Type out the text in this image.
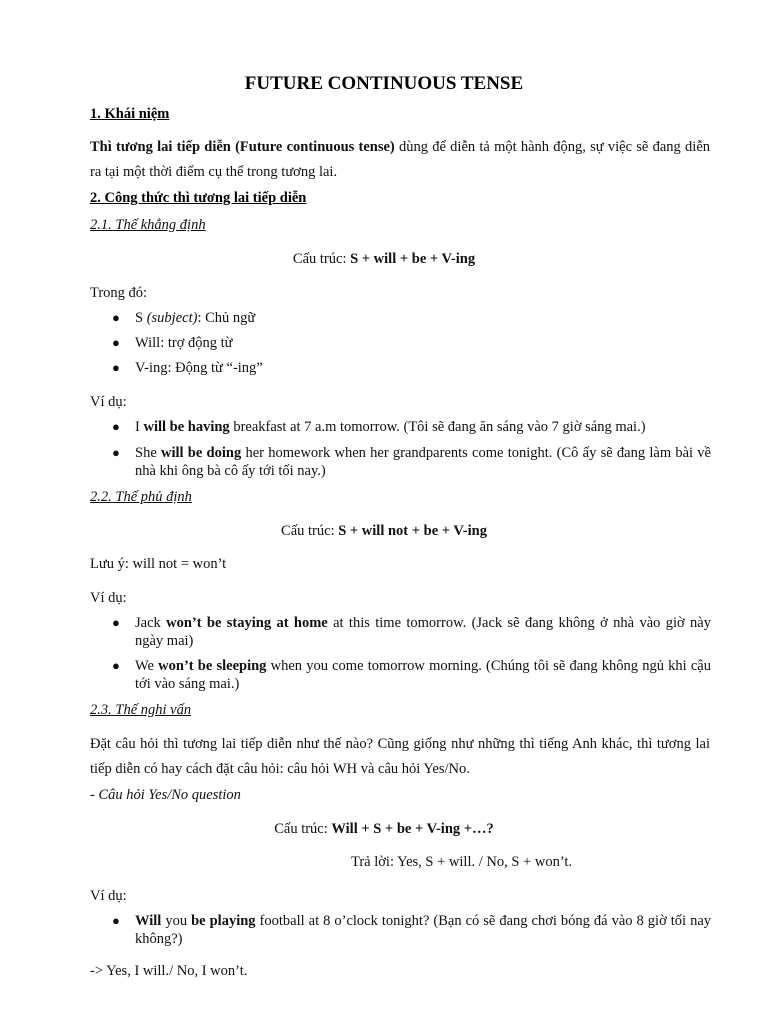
FUTURE CONTINUOUS TENSE
1. Khái niệm
Thì tương lai tiếp diễn (Future continuous tense) dùng để diễn tả một hành động, sự việc sẽ đang diễn ra tại một thời điểm cụ thể trong tương lai.
2. Công thức thì tương lai tiếp diễn
2.1. Thế khẳng định
Cấu trúc: S + will + be + V-ing
Trong đó:
● S (subject): Chủ ngữ
● Will: trợ động từ
● V-ing: Động từ “-ing”
Ví dụ:
● I will be having breakfast at 7 a.m tomorrow. (Tôi sẽ đang ăn sáng vào 7 giờ sáng mai.)
● She will be doing her homework when her grandparents come tonight. (Cô ấy sẽ đang làm bài về nhà khi ông bà cô ấy tới tối nay.)
2.2. Thế phủ định
Cấu trúc: S + will not + be + V-ing
Lưu ý: will not = won’t
Ví dụ:
● Jack won’t be staying at home at this time tomorrow. (Jack sẽ đang không ở nhà vào giờ này ngày mai)
● We won’t be sleeping when you come tomorrow morning. (Chúng tôi sẽ đang không ngủ khi cậu tới vào sáng mai.)
2.3. Thế nghi vấn
Đặt câu hỏi thì tương lai tiếp diễn như thế nào? Cũng giống như những thì tiếng Anh khác, thì tương lai tiếp diễn có hay cách đặt câu hỏi: câu hỏi WH và câu hỏi Yes/No.
- Câu hỏi Yes/No question
Cấu trúc: Will + S + be + V-ing +…?
Trả lời: Yes, S + will. / No, S + won’t.
Ví dụ:
● Will you be playing football at 8 o’clock tonight? (Bạn có sẽ đang chơi bóng đá vào 8 giờ tối nay không?)
-> Yes, I will./ No, I won’t.
